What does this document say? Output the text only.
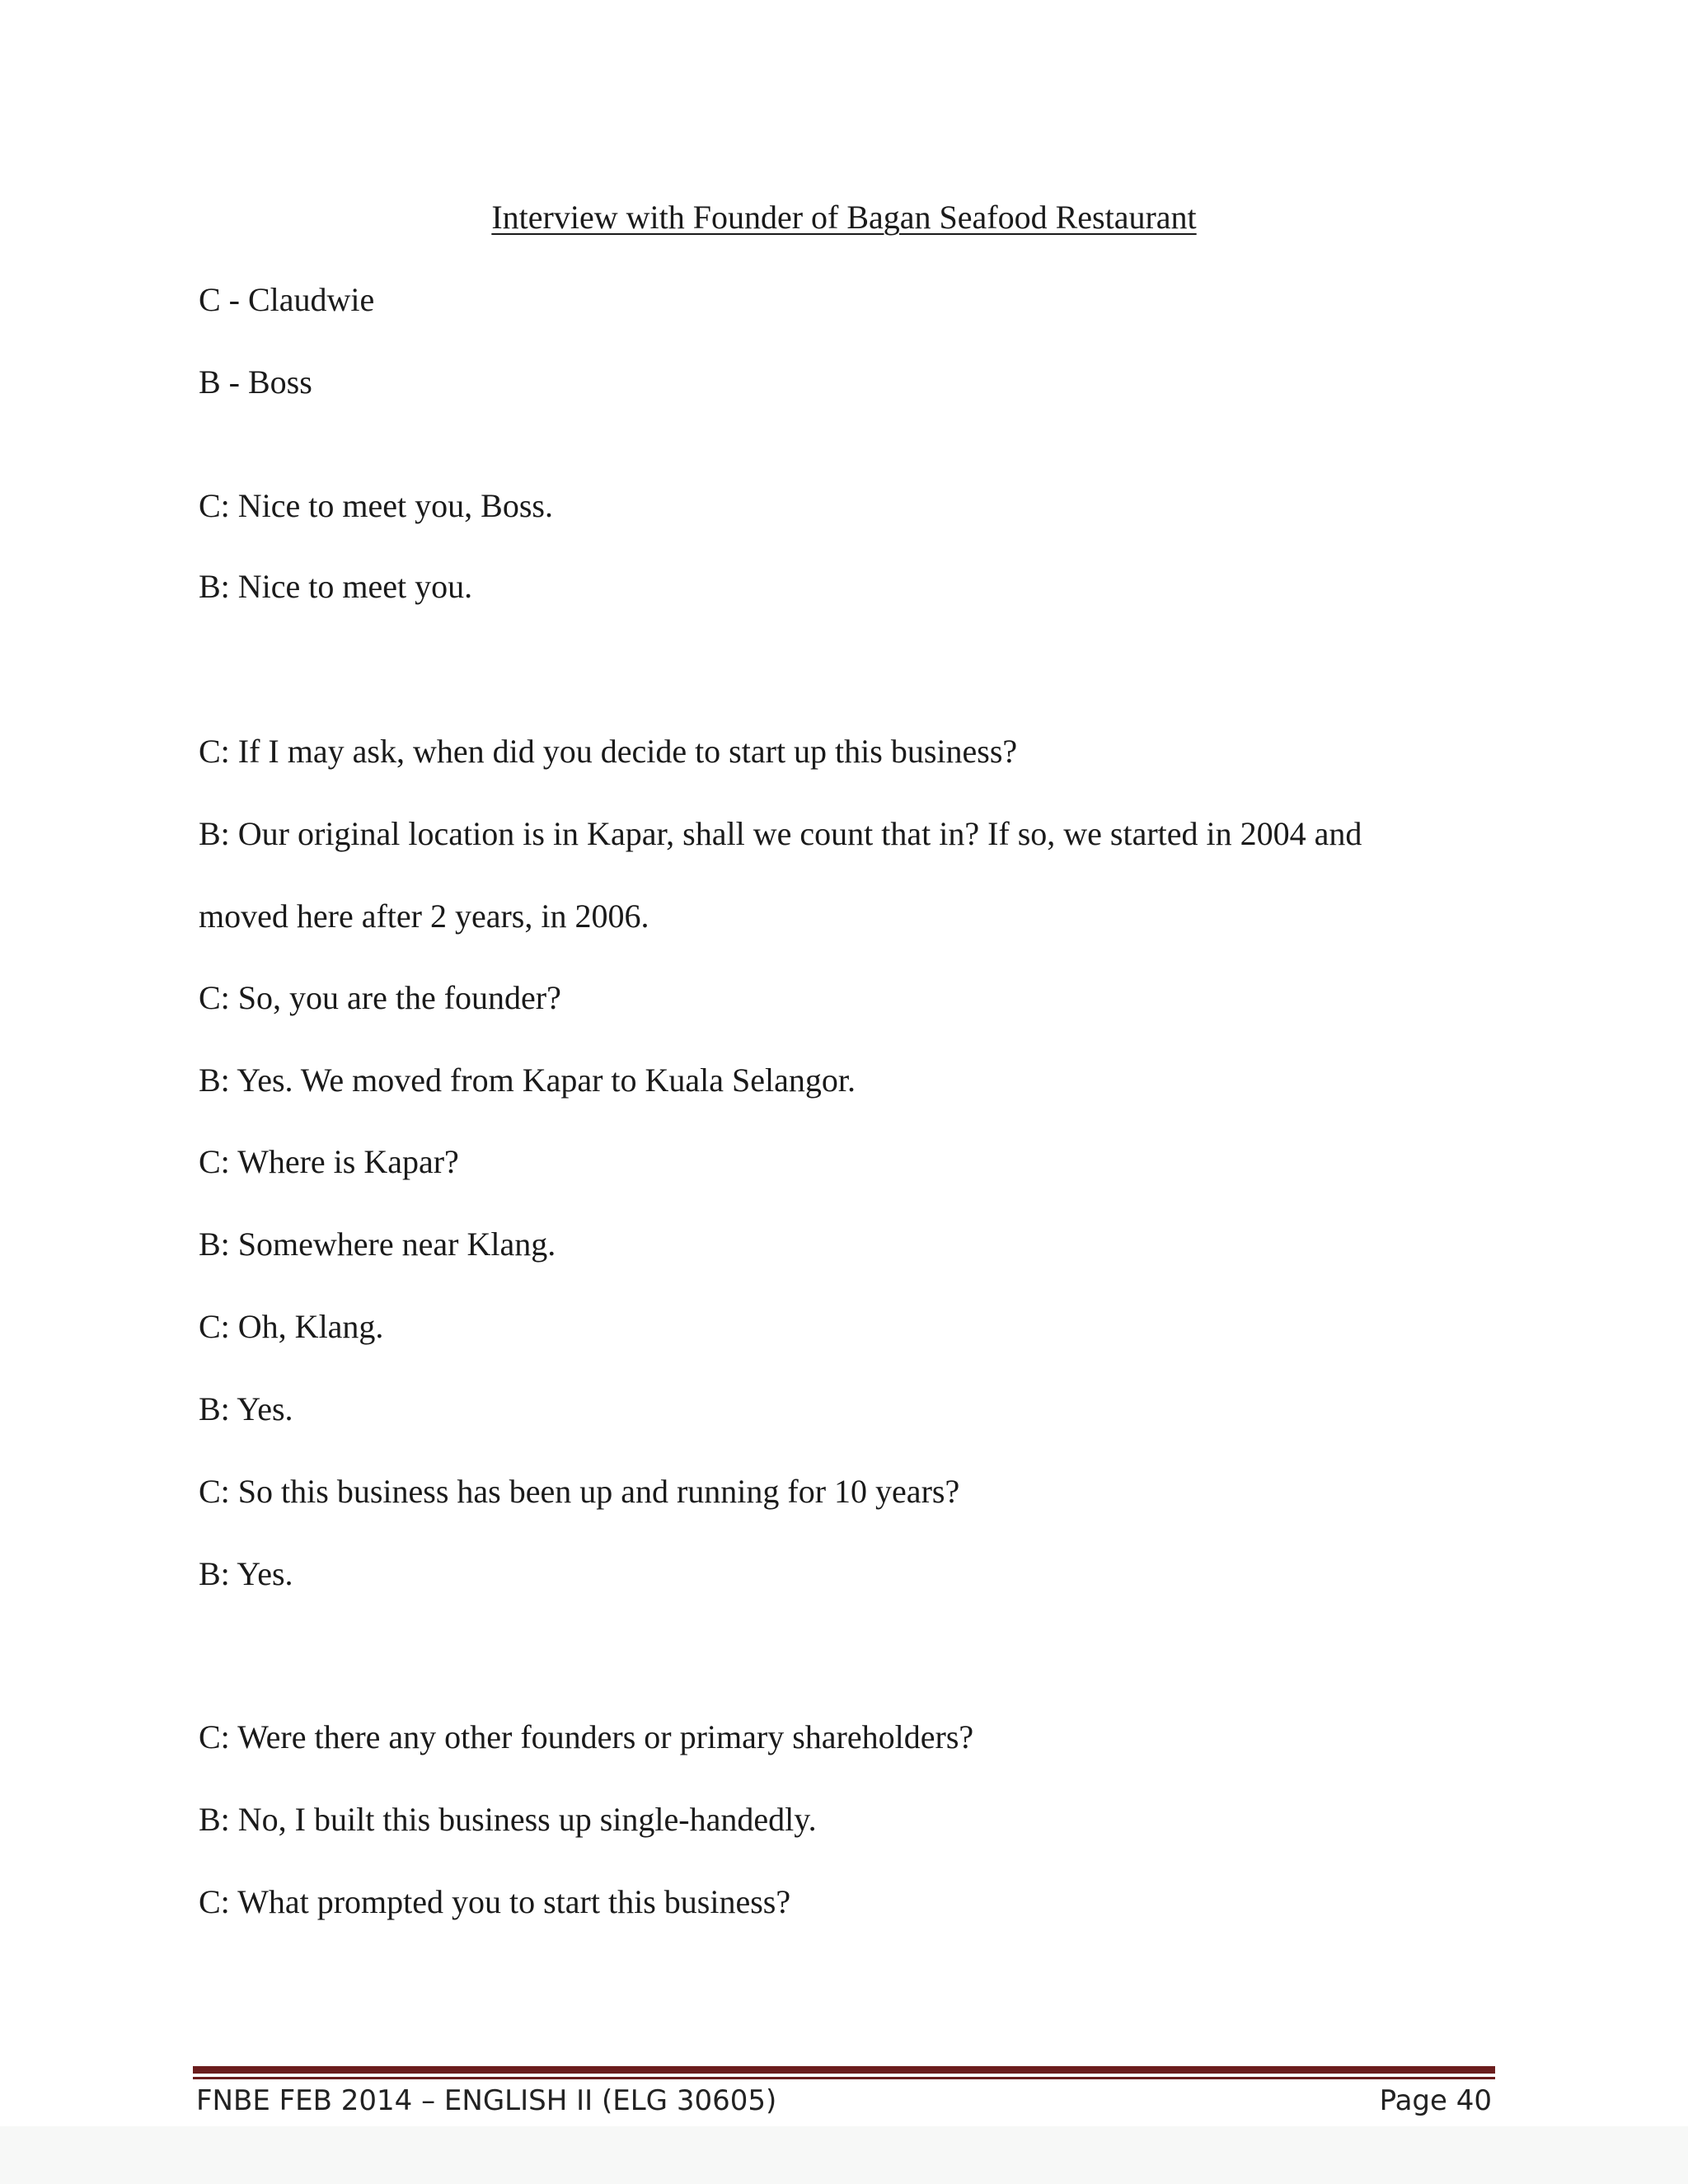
Interview with Founder of Bagan Seafood Restaurant
C - Claudwie
B - Boss
C: Nice to meet you, Boss.
B: Nice to meet you.
C: If I may ask, when did you decide to start up this business?
B: Our original location is in Kapar, shall we count that in? If so, we started in 2004 and
moved here after 2 years, in 2006.
C: So, you are the founder?
B: Yes. We moved from Kapar to Kuala Selangor.
C: Where is Kapar?
B: Somewhere near Klang.
C: Oh, Klang.
B: Yes.
C: So this business has been up and running for 10 years?
B: Yes.
C: Were there any other founders or primary shareholders?
B: No, I built this business up single-handedly.
C: What prompted you to start this business?
FNBE FEB 2014 – ENGLISH II (ELG 30605)	Page 40
